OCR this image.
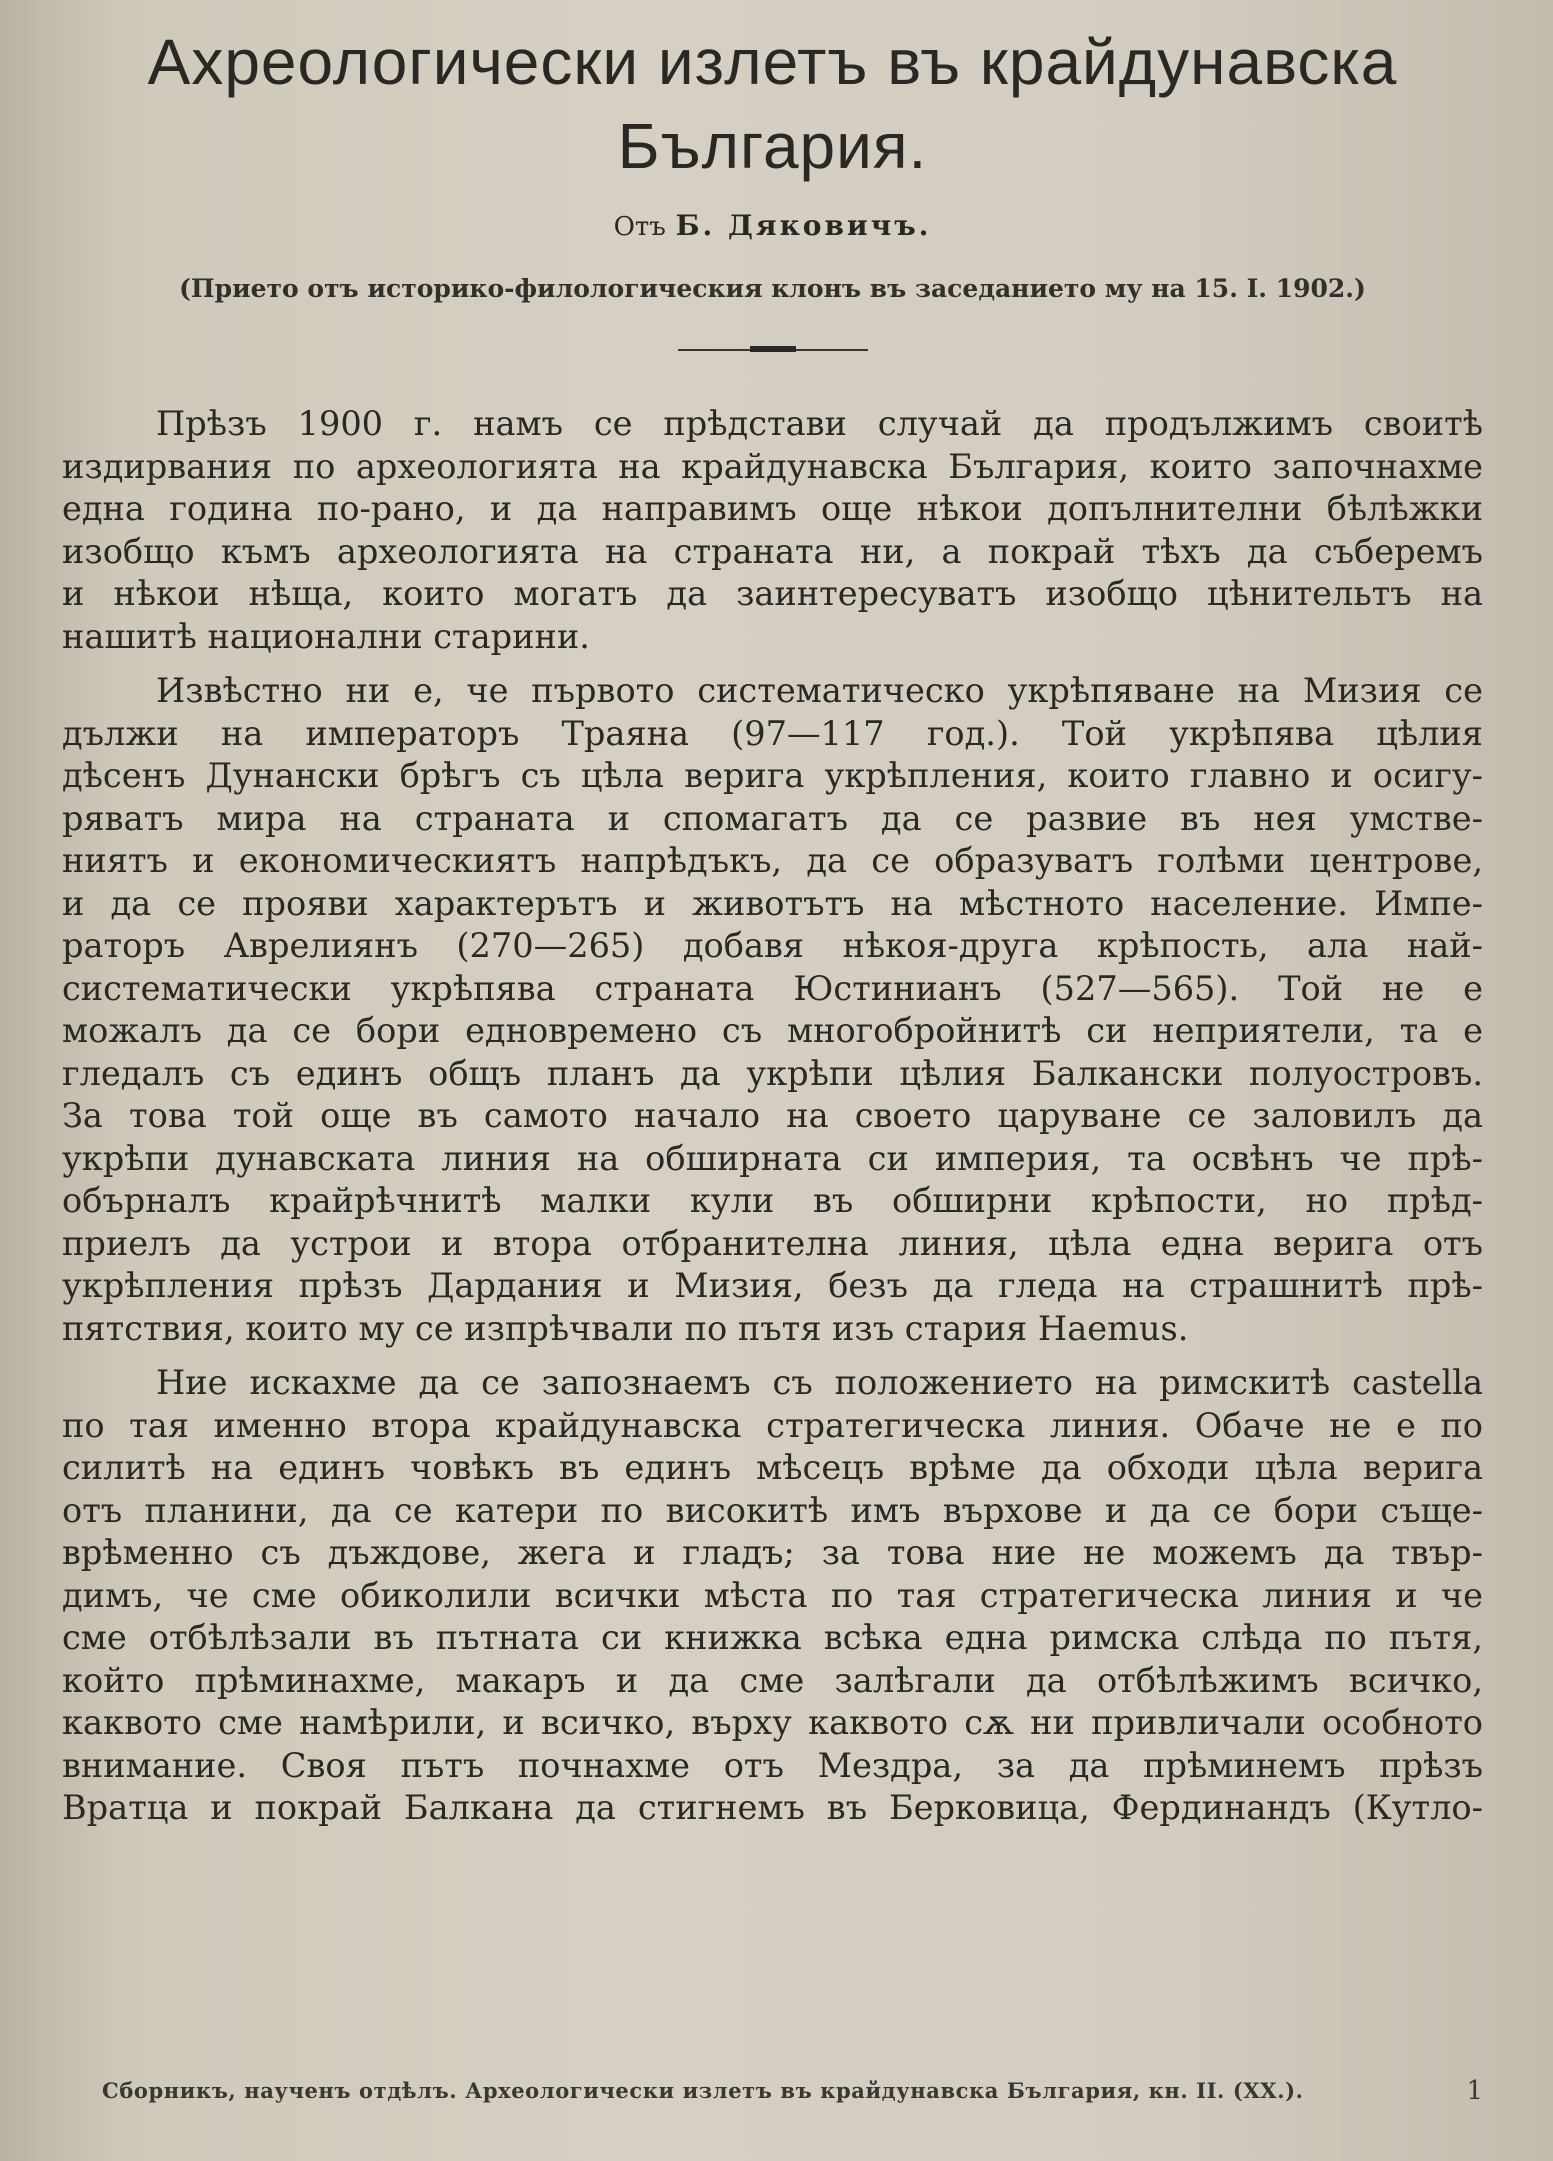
Ахреологически излетъ въ крайдунавска
България.
Отъ Б. Дяковичъ.
(Прието отъ историко-филологическия клонъ въ заседанието му на 15. I. 1902.)
Прѣзъ 1900 г. намъ се прѣдстави случай да продължимъ своитѣ
издирвания по археологията на крайдунавска България, които започнахме
една година по-рано, и да направимъ още нѣкои допълнителни бѣлѣжки
изобщо къмъ археологията на страната ни, а покрай тѣхъ да съберемъ
и нѣкои нѣща, които могатъ да заинтересуватъ изобщо цѣнительтъ на
нашитѣ национални старини.
Извѣстно ни е, че първото систематическо укрѣпяване на Мизия се
дължи на императоръ Траяна (97—117 год.). Той укрѣпява цѣлия
дѣсенъ Дунански брѣгъ съ цѣла верига укрѣпления, които главно и осигу-
ряватъ мира на страната и спомагатъ да се развие въ нея умстве-
ниятъ и економическиятъ напрѣдъкъ, да се образуватъ голѣми центрове,
и да се прояви характерътъ и животътъ на мѣстното население. Импе-
раторъ Аврелиянъ (270—265) добавя нѣкоя-друга крѣпость, ала най-
систематически укрѣпява страната Юстинианъ (527—565). Той не е
можалъ да се бори едновремено съ многобройнитѣ си неприятели, та е
гледалъ съ единъ общъ планъ да укрѣпи цѣлия Балкански полуостровъ.
За това той още въ самото начало на своето царуване се заловилъ да
укрѣпи дунавската линия на обширната си империя, та освѣнъ че прѣ-
обърналъ крайрѣчнитѣ малки кули въ обширни крѣпости, но прѣд-
приелъ да устрои и втора отбранителна линия, цѣла една верига отъ
укрѣпления прѣзъ Дардания и Мизия, безъ да гледа на страшнитѣ прѣ-
пятствия, които му се изпрѣчвали по пътя изъ стария Haemus.
Ние искахме да се запознаемъ съ положението на римскитѣ castella
по тая именно втора крайдунавска стратегическа линия. Обаче не е по
силитѣ на единъ човѣкъ въ единъ мѣсецъ врѣме да обходи цѣла верига
отъ планини, да се катери по високитѣ имъ върхове и да се бори съще-
врѣменно съ дъждове, жега и гладъ; за това ние не можемъ да твър-
димъ, че сме обиколили всички мѣста по тая стратегическа линия и че
сме отбѣлѣзали въ пътната си книжка всѣка една римска слѣда по пътя,
който прѣминахме, макаръ и да сме залѣгали да отбѣлѣжимъ всичко,
каквото сме намѣрили, и всичко, върху каквото сѫ ни привличали особното
внимание. Своя пътъ почнахме отъ Мездра, за да прѣминемъ прѣзъ
Вратца и покрай Балкана да стигнемъ въ Берковица, Фердинандъ (Кутло-
Сборникъ, наученъ отдѣлъ. Археологически излетъ въ крайдунавска България, кн. II. (XX.).	1
